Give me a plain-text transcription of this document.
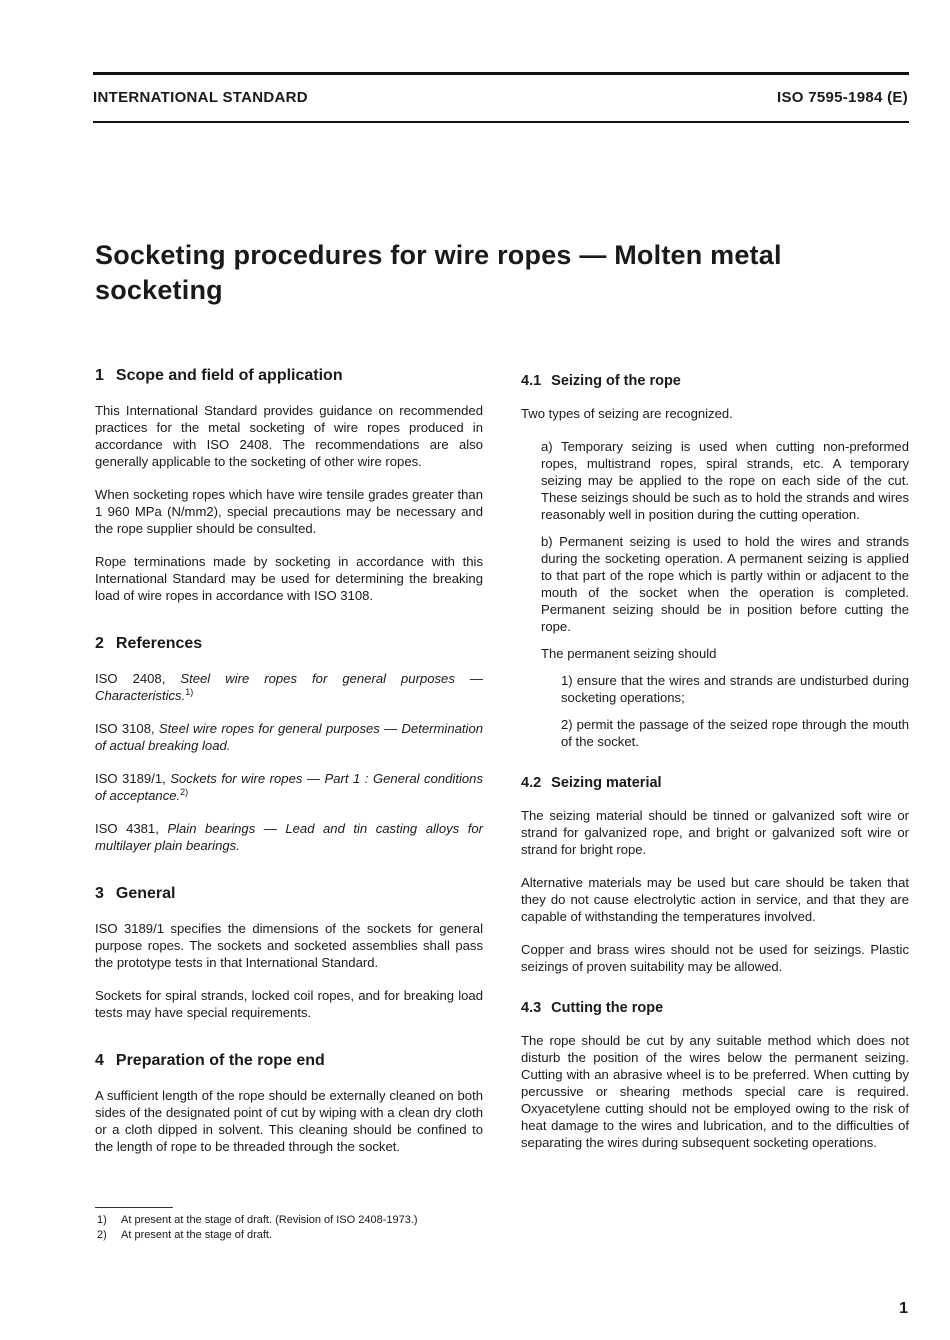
INTERNATIONAL STANDARD	ISO 7595-1984 (E)
Socketing procedures for wire ropes — Molten metal socketing
1 Scope and field of application

This International Standard provides guidance on recommended practices for the metal socketing of wire ropes produced in accordance with ISO 2408. The recommendations are also generally applicable to the socketing of other wire ropes.

When socketing ropes which have wire tensile grades greater than 1 960 MPa (N/mm2), special precautions may be necessary and the rope supplier should be consulted.

Rope terminations made by socketing in accordance with this International Standard may be used for determining the breaking load of wire ropes in accordance with ISO 3108.

2 References

ISO 2408, Steel wire ropes for general purposes — Characteristics.$^{1)}$

ISO 3108, Steel wire ropes for general purposes — Determination of actual breaking load.

ISO 3189/1, Sockets for wire ropes — Part 1 : General conditions of acceptance.$^{2)}$

ISO 4381, Plain bearings — Lead and tin casting alloys for multilayer plain bearings.

3 General

ISO 3189/1 specifies the dimensions of the sockets for general purpose ropes. The sockets and socketed assemblies shall pass the prototype tests in that International Standard.

Sockets for spiral strands, locked coil ropes, and for breaking load tests may have special requirements.

4 Preparation of the rope end

A sufficient length of the rope should be externally cleaned on both sides of the designated point of cut by wiping with a clean dry cloth or a cloth dipped in solvent. This cleaning should be confined to the length of rope to be threaded through the socket.

4.1 Seizing of the rope

Two types of seizing are recognized.

a) Temporary seizing is used when cutting non-preformed ropes, multistrand ropes, spiral strands, etc. A temporary seizing may be applied to the rope on each side of the cut. These seizings should be such as to hold the strands and wires reasonably well in position during the cutting operation.

b) Permanent seizing is used to hold the wires and strands during the socketing operation. A permanent seizing is applied to that part of the rope which is partly within or adjacent to the mouth of the socket when the operation is completed. Permanent seizing should be in position before cutting the rope.

The permanent seizing should

1) ensure that the wires and strands are undisturbed during socketing operations;

2) permit the passage of the seized rope through the mouth of the socket.

4.2 Seizing material

The seizing material should be tinned or galvanized soft wire or strand for galvanized rope, and bright or galvanized soft wire or strand for bright rope.

Alternative materials may be used but care should be taken that they do not cause electrolytic action in service, and that they are capable of withstanding the temperatures involved.

Copper and brass wires should not be used for seizings. Plastic seizings of proven suitability may be allowed.

4.3 Cutting the rope

The rope should be cut by any suitable method which does not disturb the position of the wires below the permanent seizing. Cutting with an abrasive wheel is to be preferred. When cutting by percussive or shearing methods special care is required. Oxyacetylene cutting should not be employed owing to the risk of heat damage to the wires and lubrication, and to the difficulties of separating the wires during subsequent socketing operations.

1) At present at the stage of draft. (Revision of ISO 2408-1973.)
2) At present at the stage of draft.
1
